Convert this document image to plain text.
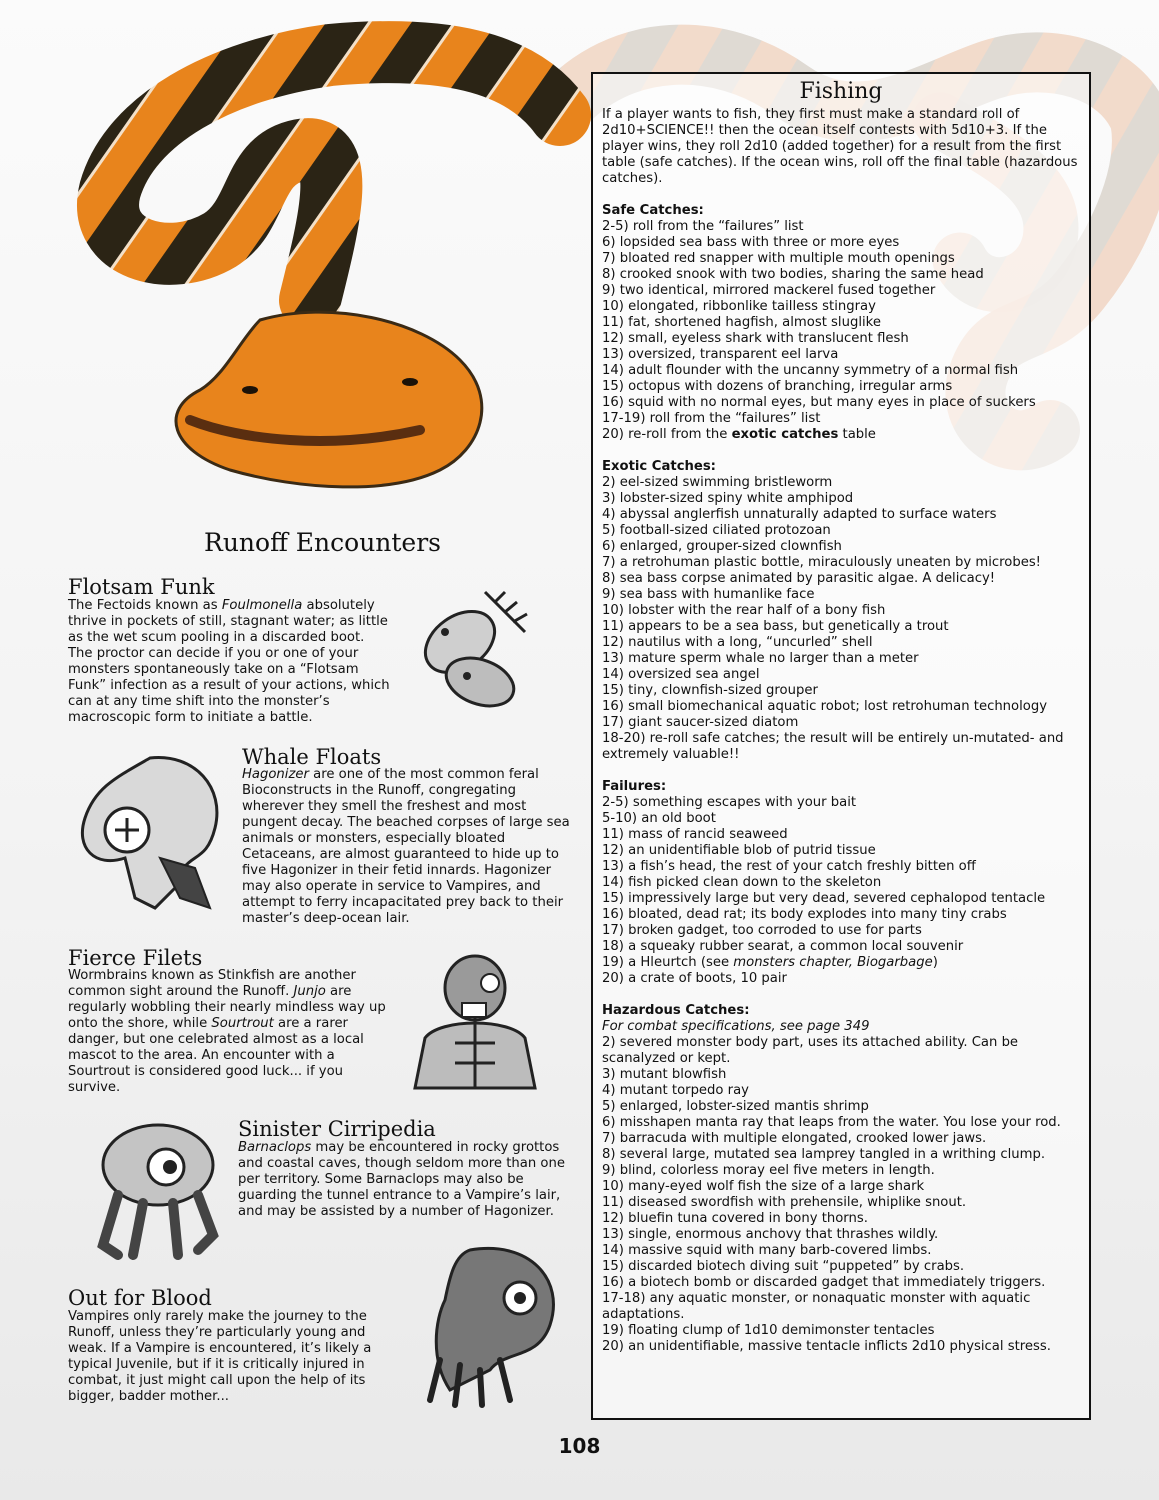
Runoff Encounters
Flotsam Funk
The Fectoids known as Foulmonella absolutely thrive in pockets of still, stagnant water; as little as the wet scum pooling in a discarded boot. The proctor can decide if you or one of your monsters spontaneously take on a “Flotsam Funk” infection as a result of your actions, which can at any time shift into the monster’s macroscopic form to initiate a battle.
Whale Floats
Hagonizer are one of the most common feral Bioconstructs in the Runoff, congregating wherever they smell the freshest and most pungent decay. The beached corpses of large sea animals or monsters, especially bloated Cetaceans, are almost guaranteed to hide up to five Hagonizer in their fetid innards. Hagonizer may also operate in service to Vampires, and attempt to ferry incapacitated prey back to their master’s deep-ocean lair.
Fierce Filets
Wormbrains known as Stinkfish are another common sight around the Runoff. Junjo are regularly wobbling their nearly mindless way up onto the shore, while Sourtrout are a rarer danger, but one celebrated almost as a local mascot to the area. An encounter with a Sourtrout is considered good luck... if you survive.
Sinister Cirripedia
Barnaclops may be encountered in rocky grottos and coastal caves, though seldom more than one per territory. Some Barnaclops may also be guarding the tunnel entrance to a Vampire’s lair, and may be assisted by a number of Hagonizer.
Out for Blood
Vampires only rarely make the journey to the Runoff, unless they’re particularly young and weak. If a Vampire is encountered, it’s likely a typical Juvenile, but if it is critically injured in combat, it just might call upon the help of its bigger, badder mother...
Fishing
If a player wants to fish, they first must make a standard roll of 2d10+SCIENCE!! then the ocean itself contests with 5d10+3. If the player wins, they roll 2d10 (added together) for a result from the first table (safe catches). If the ocean wins, roll off the final table (hazardous catches).
Safe Catches:
2-5) roll from the “failures” list
6) lopsided sea bass with three or more eyes
7) bloated red snapper with multiple mouth openings
8) crooked snook with two bodies, sharing the same head
9) two identical, mirrored mackerel fused together
10) elongated, ribbonlike tailless stingray
11) fat, shortened hagfish, almost sluglike
12) small, eyeless shark with translucent flesh
13) oversized, transparent eel larva
14) adult flounder with the uncanny symmetry of a normal fish
15) octopus with dozens of branching, irregular arms
16) squid with no normal eyes, but many eyes in place of suckers
17-19) roll from the “failures” list
20) re-roll from the exotic catches table
Exotic Catches:
2) eel-sized swimming bristleworm
3) lobster-sized spiny white amphipod
4) abyssal anglerfish unnaturally adapted to surface waters
5) football-sized ciliated protozoan
6) enlarged, grouper-sized clownfish
7) a retrohuman plastic bottle, miraculously uneaten by microbes!
8) sea bass corpse animated by parasitic algae. A delicacy!
9) sea bass with humanlike face
10) lobster with the rear half of a bony fish
11) appears to be a sea bass, but genetically a trout
12) nautilus with a long, “uncurled” shell
13) mature sperm whale no larger than a meter
14) oversized sea angel
15) tiny, clownfish-sized grouper
16) small biomechanical aquatic robot; lost retrohuman technology
17) giant saucer-sized diatom
18-20) re-roll safe catches; the result will be entirely un-mutated- and extremely valuable!!
Failures:
2-5) something escapes with your bait
5-10) an old boot
11) mass of rancid seaweed
12) an unidentifiable blob of putrid tissue
13) a fish’s head, the rest of your catch freshly bitten off
14) fish picked clean down to the skeleton
15) impressively large but very dead, severed cephalopod tentacle
16) bloated, dead rat; its body explodes into many tiny crabs
17) broken gadget, too corroded to use for parts
18) a squeaky rubber searat, a common local souvenir
19) a Hleurtch (see monsters chapter, Biogarbage)
20) a crate of boots, 10 pair
Hazardous Catches:
For combat specifications, see page 349
2) severed monster body part, uses its attached ability. Can be scanalyzed or kept.
3) mutant blowfish
4) mutant torpedo ray
5) enlarged, lobster-sized mantis shrimp
6) misshapen manta ray that leaps from the water. You lose your rod.
7) barracuda with multiple elongated, crooked lower jaws.
8) several large, mutated sea lamprey tangled in a writhing clump.
9) blind, colorless moray eel five meters in length.
10) many-eyed wolf fish the size of a large shark
11) diseased swordfish with prehensile, whiplike snout.
12) bluefin tuna covered in bony thorns.
13) single, enormous anchovy that thrashes wildly.
14) massive squid with many barb-covered limbs.
15) discarded biotech diving suit “puppeted” by crabs.
16) a biotech bomb or discarded gadget that immediately triggers.
17-18) any aquatic monster, or nonaquatic monster with aquatic adaptations.
19) floating clump of 1d10 demimonster tentacles
20) an unidentifiable, massive tentacle inflicts 2d10 physical stress.
108
